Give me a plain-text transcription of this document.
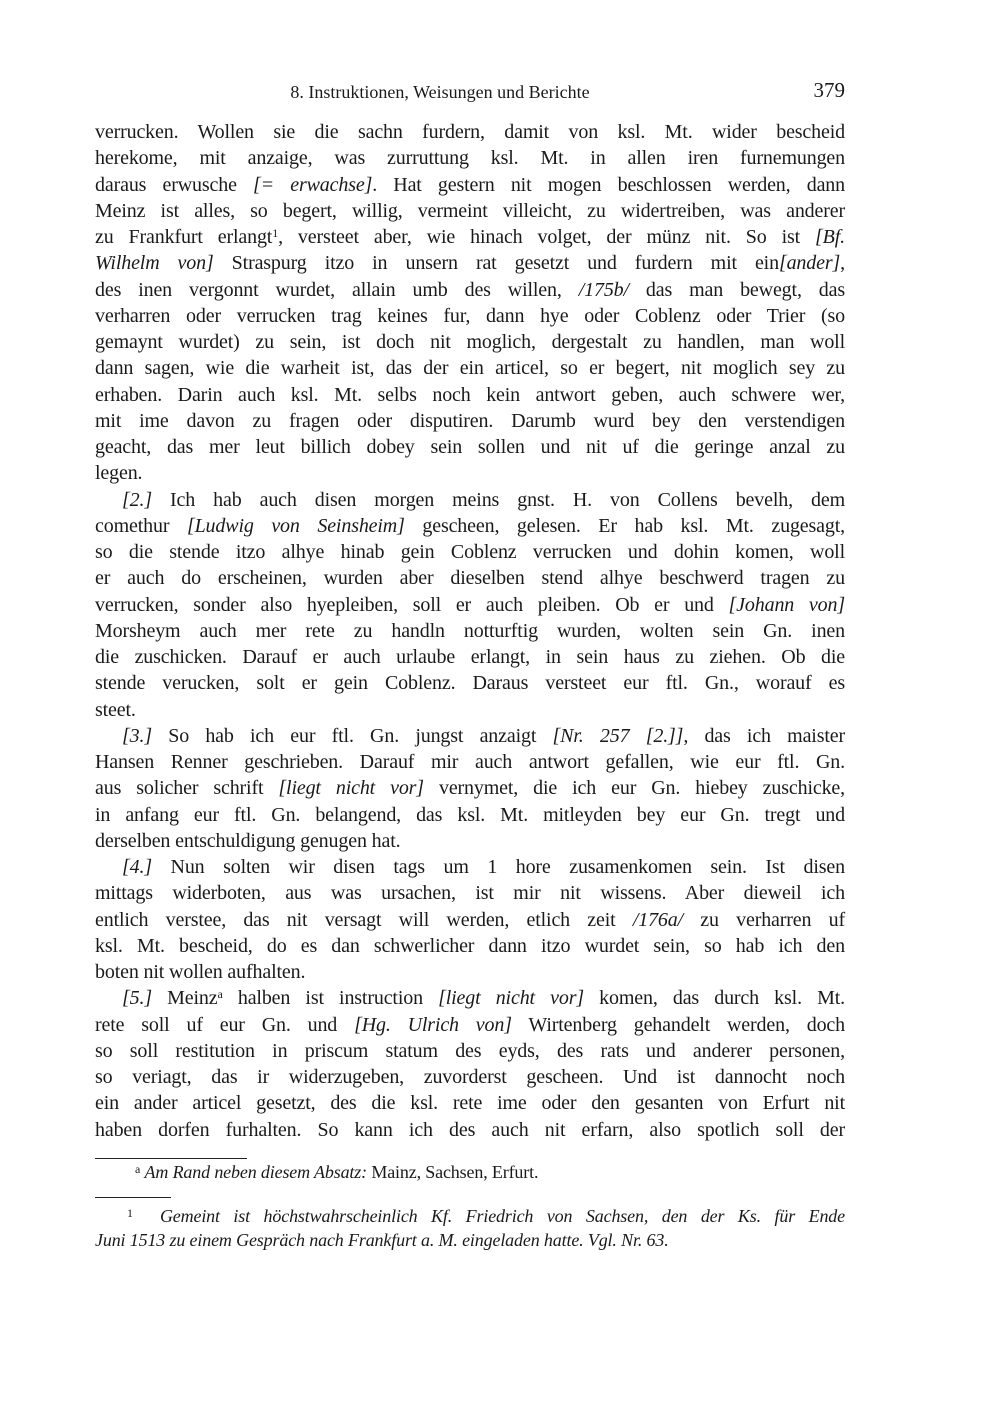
8. Instruktionen, Weisungen und Berichte	379
verrucken. Wollen sie die sachn furdern, damit von ksl. Mt. wider bescheid
herekome, mit anzaige, was zurruttung ksl. Mt. in allen iren furnemungen
daraus erwusche [= erwachse]. Hat gestern nit mogen beschlossen werden, dann
Meinz ist alles, so begert, willig, vermeint villeicht, zu widertreiben, was anderer
zu Frankfurt erlangt$^1$, versteet aber, wie hinach volget, der münz nit. So ist [Bf.
Wilhelm von] Straspurg itzo in unsern rat gesetzt und furdern mit ein[ander],
des inen vergonnt wurdet, allain umb des willen, /175b/ das man bewegt, das
verharren oder verrucken trag keines fur, dann hye oder Coblenz oder Trier (so
gemaynt wurdet) zu sein, ist doch nit moglich, dergestalt zu handlen, man woll
dann sagen, wie die warheit ist, das der ein articel, so er begert, nit moglich sey zu
erhaben. Darin auch ksl. Mt. selbs noch kein antwort geben, auch schwere wer,
mit ime davon zu fragen oder disputiren. Darumb wurd bey den verstendigen
geacht, das mer leut billich dobey sein sollen und nit uf die geringe anzal zu
legen.
[2.] Ich hab auch disen morgen meins gnst. H. von Collens bevelh, dem
comethur [Ludwig von Seinsheim] gescheen, gelesen. Er hab ksl. Mt. zugesagt,
so die stende itzo alhye hinab gein Coblenz verrucken und dohin komen, woll
er auch do erscheinen, wurden aber dieselben stend alhye beschwerd tragen zu
verrucken, sonder also hyepleiben, soll er auch pleiben. Ob er und [Johann von]
Morsheym auch mer rete zu handln notturftig wurden, wolten sein Gn. inen
die zuschicken. Darauf er auch urlaube erlangt, in sein haus zu ziehen. Ob die
stende verucken, solt er gein Coblenz. Daraus versteet eur ftl. Gn., worauf es
steet.
[3.] So hab ich eur ftl. Gn. jungst anzaigt [Nr. 257 [2.]], das ich maister
Hansen Renner geschrieben. Darauf mir auch antwort gefallen, wie eur ftl. Gn.
aus solicher schrift [liegt nicht vor] vernymet, die ich eur Gn. hiebey zuschicke,
in anfang eur ftl. Gn. belangend, das ksl. Mt. mitleyden bey eur Gn. tregt und
derselben entschuldigung genugen hat.
[4.] Nun solten wir disen tags um 1 hore zusamenkomen sein. Ist disen
mittags widerboten, aus was ursachen, ist mir nit wissens. Aber dieweil ich
entlich verstee, das nit versagt will werden, etlich zeit /176a/ zu verharren uf
ksl. Mt. bescheid, do es dan schwerlicher dann itzo wurdet sein, so hab ich den
boten nit wollen aufhalten.
[5.] Meinz$^a$ halben ist instruction [liegt nicht vor] komen, das durch ksl. Mt.
rete soll uf eur Gn. und [Hg. Ulrich von] Wirtenberg gehandelt werden, doch
so soll restitution in priscum statum des eyds, des rats und anderer personen,
so veriagt, das ir widerzugeben, zuvorderst gescheen. Und ist dannocht noch
ein ander articel gesetzt, des die ksl. rete ime oder den gesanten von Erfurt nit
haben dorfen furhalten. So kann ich des auch nit erfarn, also spotlich soll der
$^a$ Am Rand neben diesem Absatz: Mainz, Sachsen, Erfurt.
$^1$ Gemeint ist höchstwahrscheinlich Kf. Friedrich von Sachsen, den der Ks. für Ende
Juni 1513 zu einem Gespräch nach Frankfurt a. M. eingeladen hatte. Vgl. Nr. 63.
